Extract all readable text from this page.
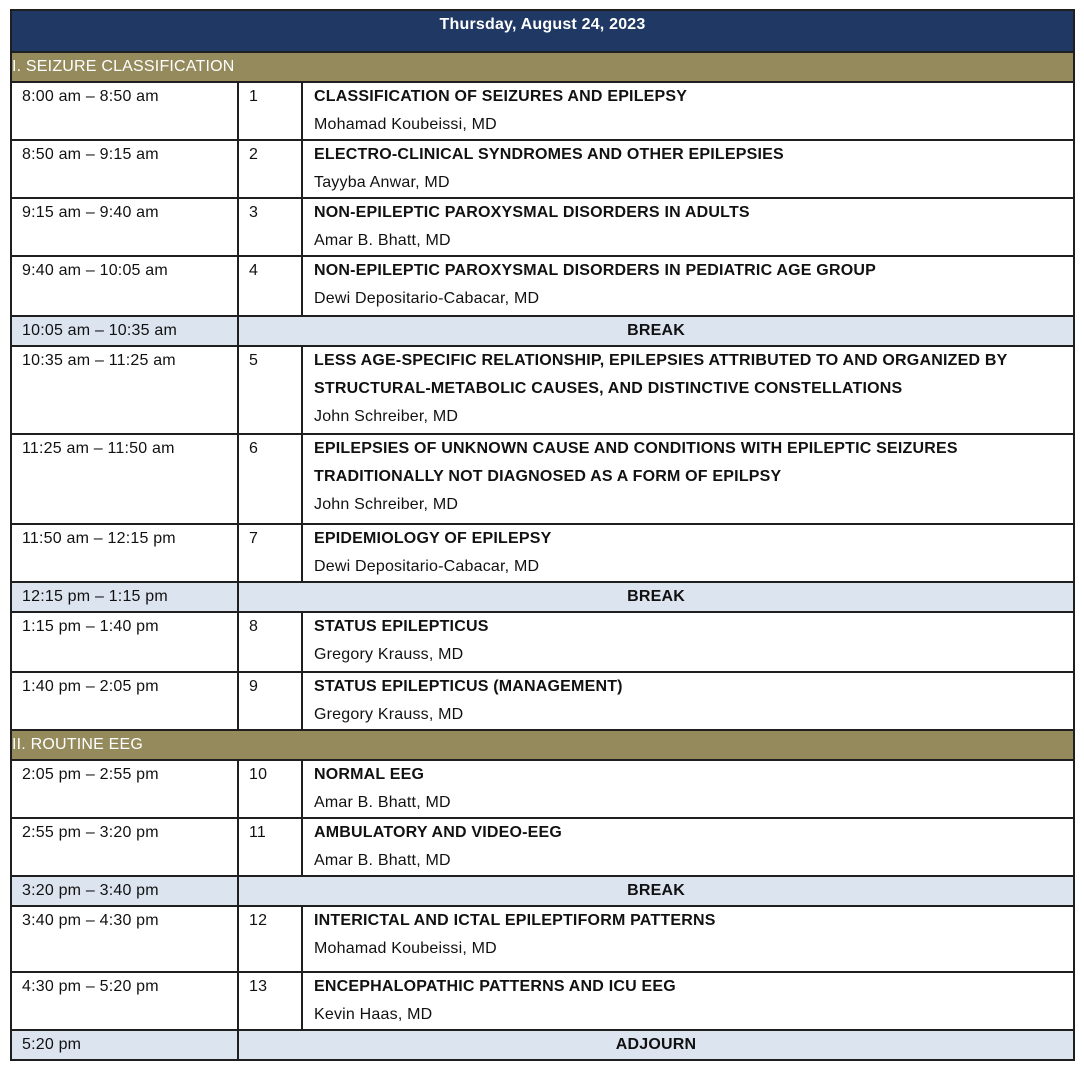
Thursday, August 24, 2023		
I. SEIZURE CLASSIFICATION		
8:00 am – 8:50 am	1	CLASSIFICATION OF SEIZURES AND EPILEPSY
Mohamad Koubeissi, MD

8:50 am – 9:15 am	2	ELECTRO-CLINICAL SYNDROMES AND OTHER EPILEPSIES
Tayyba Anwar, MD

9:15 am – 9:40 am	3	NON-EPILEPTIC PAROXYSMAL DISORDERS IN ADULTS
Amar B. Bhatt, MD

9:40 am – 10:05 am	4	NON-EPILEPTIC PAROXYSMAL DISORDERS IN PEDIATRIC AGE GROUP
Dewi Depositario-Cabacar, MD

10:05 am – 10:35 am	BREAK	
10:35 am – 11:25 am	5	LESS AGE-SPECIFIC RELATIONSHIP, EPILEPSIES ATTRIBUTED TO AND ORGANIZED BY STRUCTURAL-METABOLIC CAUSES, AND DISTINCTIVE CONSTELLATIONS
John Schreiber, MD

11:25 am – 11:50 am	6	EPILEPSIES OF UNKNOWN CAUSE AND CONDITIONS WITH EPILEPTIC SEIZURES TRADITIONALLY NOT DIAGNOSED AS A FORM OF EPILPSY
John Schreiber, MD

11:50 am – 12:15 pm	7	EPIDEMIOLOGY OF EPILEPSY
Dewi Depositario-Cabacar, MD

12:15 pm – 1:15 pm	BREAK	
1:15 pm – 1:40 pm	8	STATUS EPILEPTICUS
Gregory Krauss, MD

1:40 pm – 2:05 pm	9	STATUS EPILEPTICUS (MANAGEMENT)
Gregory Krauss, MD

II. ROUTINE EEG		
2:05 pm – 2:55 pm	10	NORMAL EEG
Amar B. Bhatt, MD

2:55 pm – 3:20 pm	11	AMBULATORY AND VIDEO-EEG
Amar B. Bhatt, MD

3:20 pm – 3:40 pm	BREAK	
3:40 pm – 4:30 pm	12	INTERICTAL AND ICTAL EPILEPTIFORM PATTERNS
Mohamad Koubeissi, MD

4:30 pm – 5:20 pm	13	ENCEPHALOPATHIC PATTERNS AND ICU EEG
Kevin Haas, MD

5:20 pm	ADJOURN	
